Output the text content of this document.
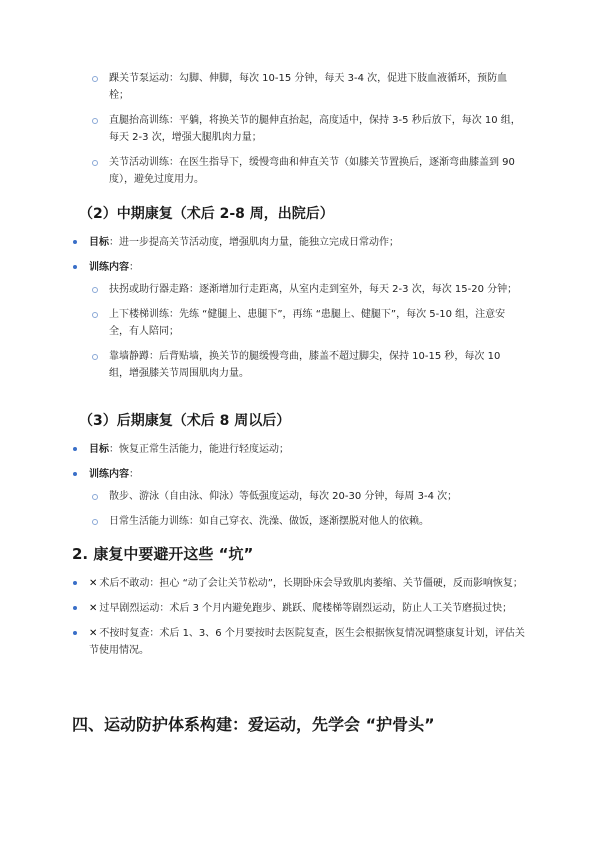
踝关节泵运动：勾脚、伸脚，每次 10-15 分钟，每天 3-4 次，促进下肢血液循环，预防血栓；
直腿抬高训练：平躺，将换关节的腿伸直抬起，高度适中，保持 3-5 秒后放下，每次 10 组，每天 2-3 次，增强大腿肌肉力量；
关节活动训练：在医生指导下，缓慢弯曲和伸直关节（如膝关节置换后，逐渐弯曲膝盖到 90 度），避免过度用力。
（2）中期康复（术后 2-8 周，出院后）
目标：进一步提高关节活动度，增强肌肉力量，能独立完成日常动作；
训练内容：
扶拐或助行器走路：逐渐增加行走距离，从室内走到室外，每天 2-3 次，每次 15-20 分钟；
上下楼梯训练：先练 “健腿上、患腿下”，再练 “患腿上、健腿下”，每次 5-10 组，注意安全，有人陪同；
靠墙静蹲：后背贴墙，换关节的腿缓慢弯曲，膝盖不超过脚尖，保持 10-15 秒，每次 10 组，增强膝关节周围肌肉力量。
（3）后期康复（术后 8 周以后）
目标：恢复正常生活能力，能进行轻度运动；
训练内容：
散步、游泳（自由泳、仰泳）等低强度运动，每次 20-30 分钟，每周 3-4 次；
日常生活能力训练：如自己穿衣、洗澡、做饭，逐渐摆脱对他人的依赖。
2. 康复中要避开这些 “坑”
✕ 术后不敢动：担心 “动了会让关节松动”，长期卧床会导致肌肉萎缩、关节僵硬，反而影响恢复；
✕ 过早剧烈运动：术后 3 个月内避免跑步、跳跃、爬楼梯等剧烈运动，防止人工关节磨损过快；
✕ 不按时复查：术后 1、3、6 个月要按时去医院复查，医生会根据恢复情况调整康复计划，评估关节使用情况。
四、运动防护体系构建：爱运动，先学会 “护骨头”
